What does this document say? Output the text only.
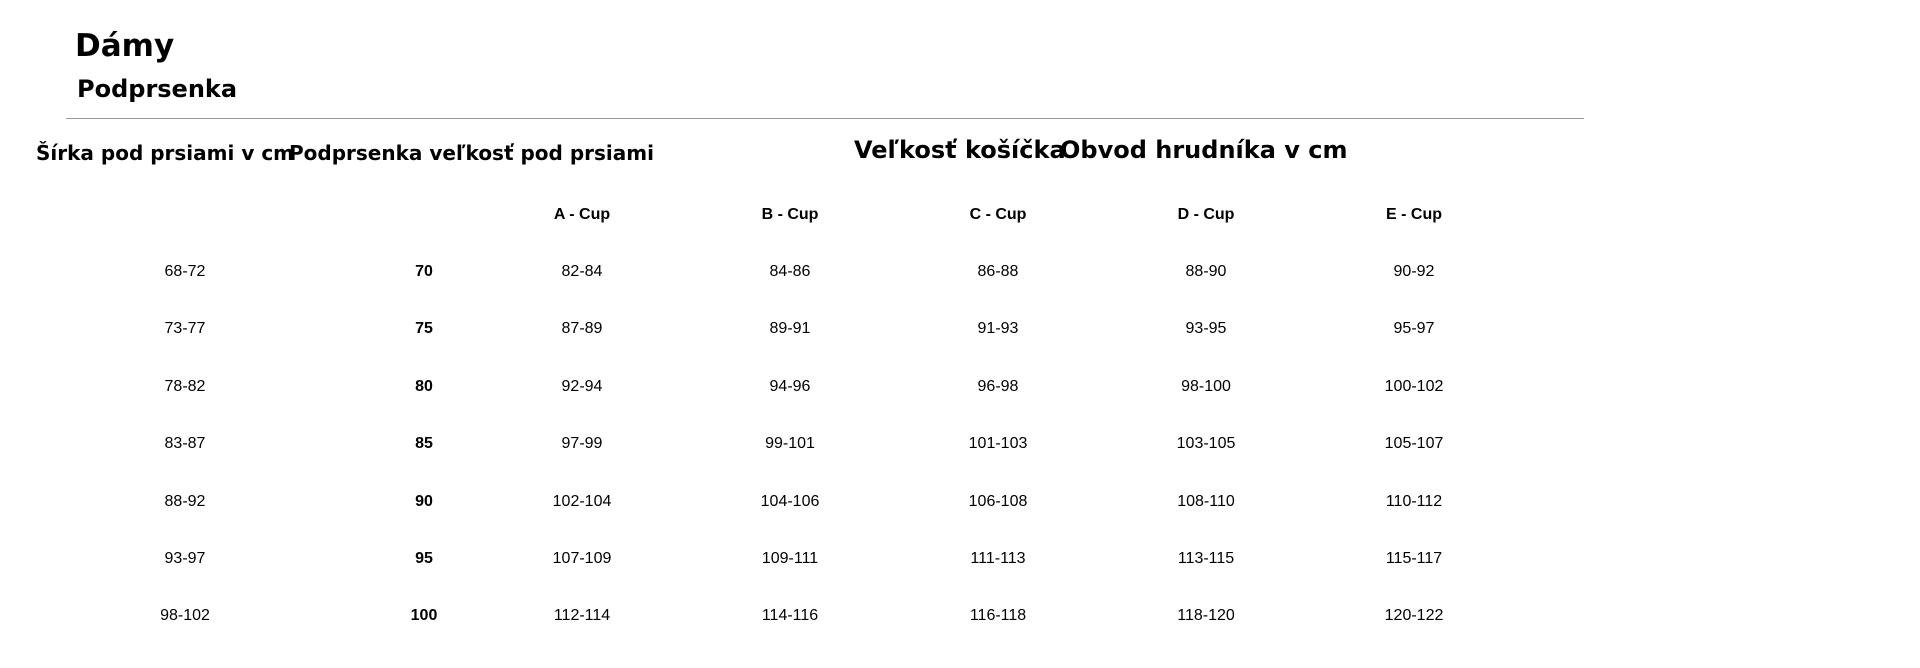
Dámy
Podprsenka
Šírka pod prsiami v cm
Podprsenka veľkosť pod prsiami	Veľkosť košíčka
Obvod hrudníka v cm
		A - Cup	B - Cup	C - Cup	D - Cup	E - Cup
68-72	70	82-84	84-86	86-88	88-90	90-92
73-77	75	87-89	89-91	91-93	93-95	95-97
78-82	80	92-94	94-96	96-98	98-100	100-102
83-87	85	97-99	99-101	101-103	103-105	105-107
88-92	90	102-104	104-106	106-108	108-110	110-112
93-97	95	107-109	109-111	111-113	113-115	115-117
98-102	100	112-114	114-116	116-118	118-120	120-122
